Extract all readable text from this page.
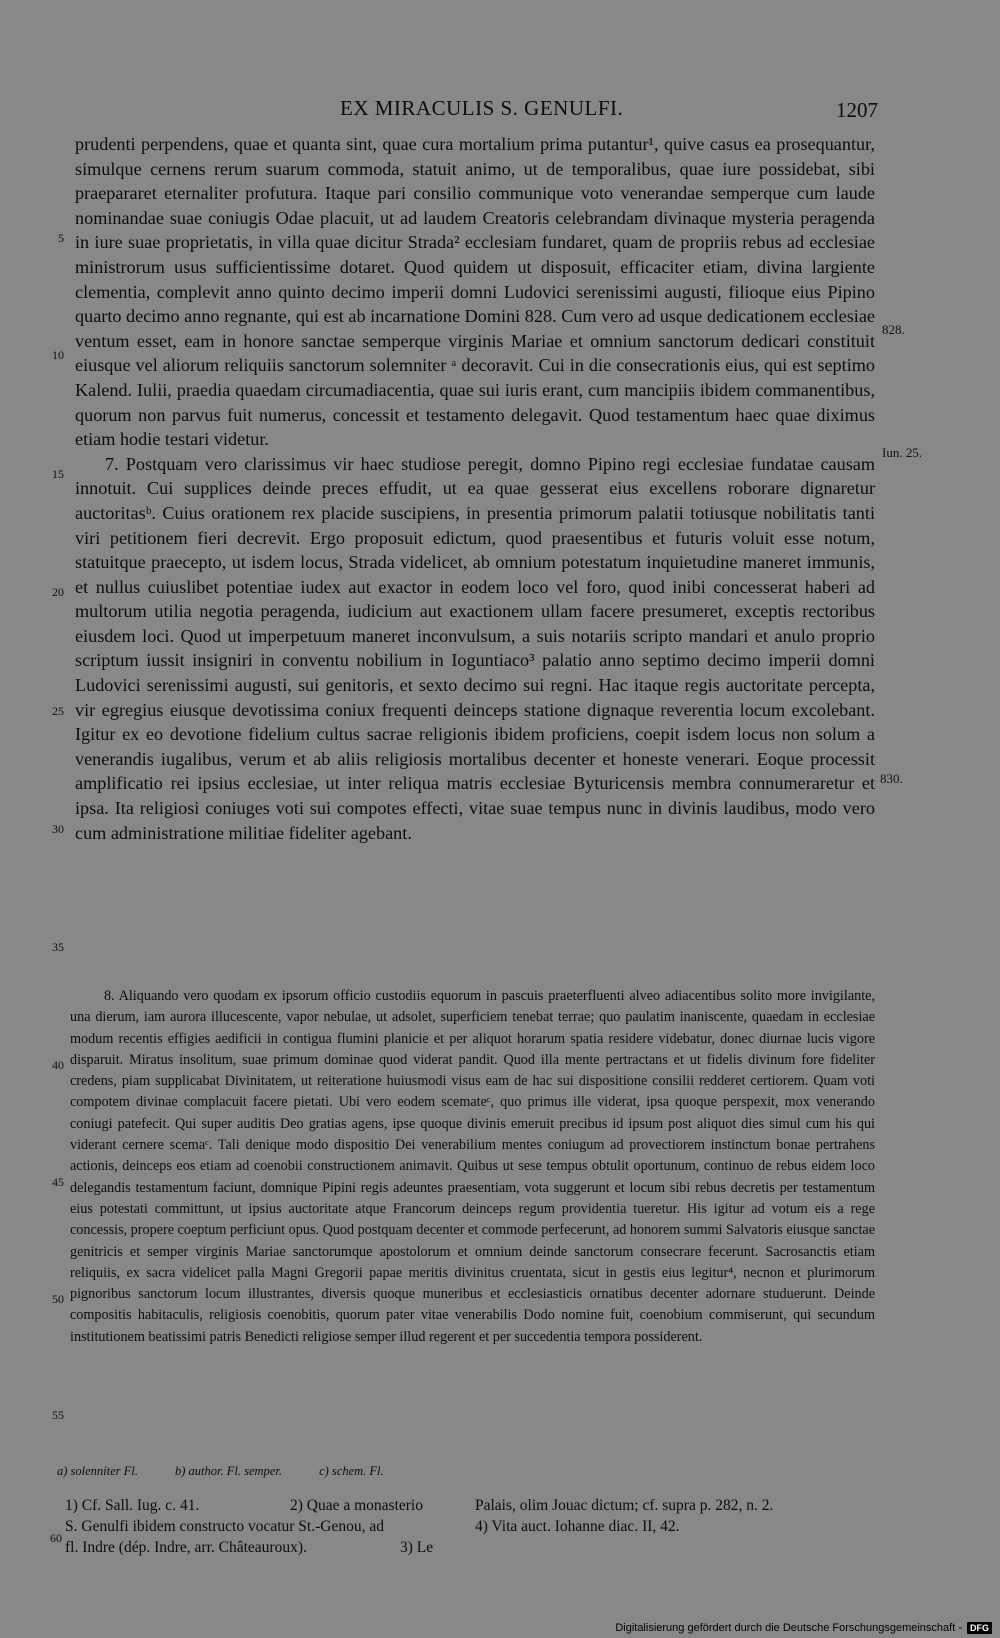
EX MIRACULIS S. GENULFI.	1207

prudenti perpendens, quae et quanta sint, quae cura mortalium prima putantur¹, quive casus ea prosequantur, simulque cernens rerum suarum commoda, statuit animo, ut de temporalibus, quae iure possidebat, sibi praepararet eternaliter profutura. Itaque pari consilio communique voto venerandae semperque cum laude nominandae suae coniugis Odae placuit, ut ad laudem Creatoris celebrandam divinaque mysteria peragenda in iure suae proprietatis, in villa quae dicitur Strada² ecclesiam fundaret, quam de propriis rebus ad ecclesiae ministrorum usus sufficientissime dotaret. Quod quidem ut disposuit, efficaciter etiam, divina largiente clementia, complevit anno quinto decimo imperii domni Ludovici serenissimi augusti, filioque eius Pipino quarto decimo anno regnante, qui est ab incarnatione Domini 828. Cum vero ad usque dedicationem ecclesiae ventum esset, eam in honore sanctae semperque virginis Mariae et omnium sanctorum dedicari constituit eiusque vel aliorum reliquiis sanctorum solemniter ᵃ decoravit. Cui in die consecrationis eius, qui est septimo Kalend. Iulii, praedia quaedam circumadiacentia, quae sui iuris erant, cum mancipiis ibidem commanentibus, quorum non parvus fuit numerus, concessit et testamento delegavit. Quod testamentum haec quae diximus etiam hodie testari videtur.

7. Postquam vero clarissimus vir haec studiose peregit, domno Pipino regi ecclesiae fundatae causam innotuit. Cui supplices deinde preces effudit, ut ea quae gesserat eius excellens roborare dignaretur auctoritasᵇ. Cuius orationem rex placide suscipiens, in presentia primorum palatii totiusque nobilitatis tanti viri petitionem fieri decrevit. Ergo proposuit edictum, quod praesentibus et futuris voluit esse notum, statuitque praecepto, ut isdem locus, Strada videlicet, ab omnium potestatum inquietudine maneret immunis, et nullus cuiuslibet potentiae iudex aut exactor in eodem loco vel foro, quod inibi concesserat haberi ad multorum utilia negotia peragenda, iudicium aut exactionem ullam facere presumeret, exceptis rectoribus eiusdem loci. Quod ut imperpetuum maneret inconvulsum, a suis notariis scripto mandari et anulo proprio scriptum iussit insigniri in conventu nobilium in Ioguntiaco³ palatio anno septimo decimo imperii domni Ludovici serenissimi augusti, sui genitoris, et sexto decimo sui regni. Hac itaque regis auctoritate percepta, vir egregius eiusque devotissima coniux frequenti deinceps statione dignaque reverentia locum excolebant. Igitur ex eo devotione fidelium cultus sacrae religionis ibidem proficiens, coepit isdem locus non solum a venerandis iugalibus, verum et ab aliis religiosis mortalibus decenter et honeste venerari. Eoque processit amplificatio rei ipsius ecclesiae, ut inter reliqua matris ecclesiae Byturicensis membra connumeraretur et ipsa. Ita religiosi coniuges voti sui compotes effecti, vitae suae tempus nunc in divinis laudibus, modo vero cum administratione militiae fideliter agebant.

8. Aliquando vero quodam ex ipsorum officio custodiis equorum in pascuis praeterfluenti alveo adiacentibus solito more invigilante, una dierum, iam aurora illucescente, vapor nebulae, ut adsolet, superficiem tenebat terrae; quo paulatim inaniscente, quaedam in ecclesiae modum recentis effigies aedificii in contigua flumini planicie et per aliquot horarum spatia residere videbatur, donec diurnae lucis vigore disparuit. Miratus insolitum, suae primum dominae quod viderat pandit. Quod illa mente pertractans et ut fidelis divinum fore fideliter credens, piam supplicabat Divinitatem, ut reiteratione huiusmodi visus eam de hac sui dispositione consilii redderet certiorem. Quam voti compotem divinae complacuit facere pietati. Ubi vero eodem scemateᶜ, quo primus ille viderat, ipsa quoque perspexit, mox venerando coniugi patefecit. Qui super auditis Deo gratias agens, ipse quoque divinis emeruit precibus id ipsum post aliquot dies simul cum his qui viderant cernere scemaᶜ. Tali denique modo dispositio Dei venerabilium mentes coniugum ad provectiorem instinctum bonae pertrahens actionis, deinceps eos etiam ad coenobii constructionem animavit. Quibus ut sese tempus obtulit oportunum, continuo de rebus eidem loco delegandis testamentum faciunt, domnique Pipini regis adeuntes praesentiam, vota suggerunt et locum sibi rebus decretis per testamentum eius potestati committunt, ut ipsius auctoritate atque Francorum deinceps regum providentia tueretur. His igitur ad votum eis a rege concessis, propere coeptum perficiunt opus. Quod postquam decenter et commode perfecerunt, ad honorem summi Salvatoris eiusque sanctae genitricis et semper virginis Mariae sanctorumque apostolorum et omnium deinde sanctorum consecrare fecerunt. Sacrosanctis etiam reliquiis, ex sacra videlicet palla Magni Gregorii papae meritis divinitus cruentata, sicut in gestis eius legitur⁴, necnon et plurimorum pignoribus sanctorum locum illustrantes, diversis quoque muneribus et ecclesiasticis ornatibus decenter adornare studuerunt. Deinde compositis habitaculis, religiosis coenobitis, quorum pater vitae venerabilis Dodo nomine fuit, coenobium commiserunt, qui secundum institutionem beatissimi patris Benedicti religiose semper illud regerent et per succedentia tempora possiderent.

5
10
15
20
25
30
35
40
45
50
55
60
828.
Iun. 25.
830.
a) solenniter Fl.	b) author. Fl. semper.	c) schem. Fl.
1) Cf. Sall. Iug. c. 41.	2) Quae a monasterio	Palais, olim Jouac dictum; cf. supra p. 282, n. 2.
S. Genulfi ibidem constructo vocatur St.-Genou, ad	4) Vita auct. Iohanne diac. II, 42.
fl. Indre (dép. Indre, arr. Châteauroux).	3) Le
Digitalisierung gefördert durch die Deutsche Forschungsgemeinschaft - DFG
